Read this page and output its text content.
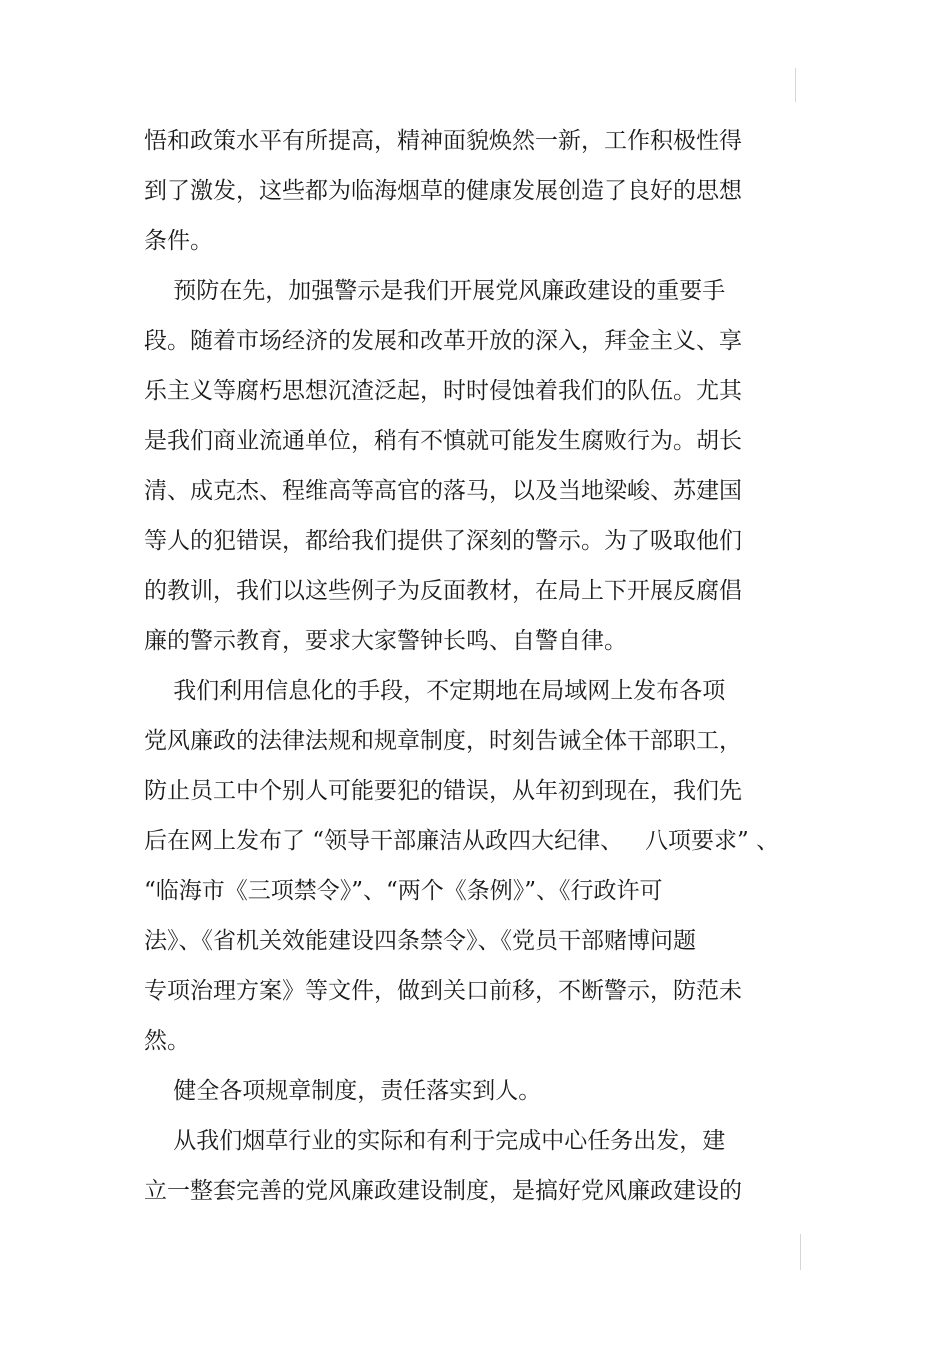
悟和政策水平有所提高，精神面貌焕然一新，工作积极性得
到了激发，这些都为临海烟草的健康发展创造了良好的思想
条件。
预防在先，加强警示是我们开展党风廉政建设的重要手
段。随着市场经济的发展和改革开放的深入，拜金主义、享
乐主义等腐朽思想沉渣泛起，时时侵蚀着我们的队伍。尤其
是我们商业流通单位，稍有不慎就可能发生腐败行为。胡长
清、成克杰、程维高等高官的落马，以及当地梁峻、苏建国
等人的犯错误，都给我们提供了深刻的警示。为了吸取他们
的教训，我们以这些例子为反面教材，在局上下开展反腐倡
廉的警示教育，要求大家警钟长鸣、自警自律。
我们利用信息化的手段，不定期地在局域网上发布各项
党风廉政的法律法规和规章制度，时刻告诫全体干部职工，
防止员工中个别人可能要犯的错误，从年初到现在，我们先
后在网上发布了 “领导干部廉洁从政四大纪律、   八项要求” 、
“临海市《三项禁令》”、“两个《条例》”、《行政许可
法》、《省机关效能建设四条禁令》、《党员干部赌博问题
专项治理方案》等文件，做到关口前移，不断警示，防范未
然。
健全各项规章制度，责任落实到人。
从我们烟草行业的实际和有利于完成中心任务出发，建
立一整套完善的党风廉政建设制度，是搞好党风廉政建设的
